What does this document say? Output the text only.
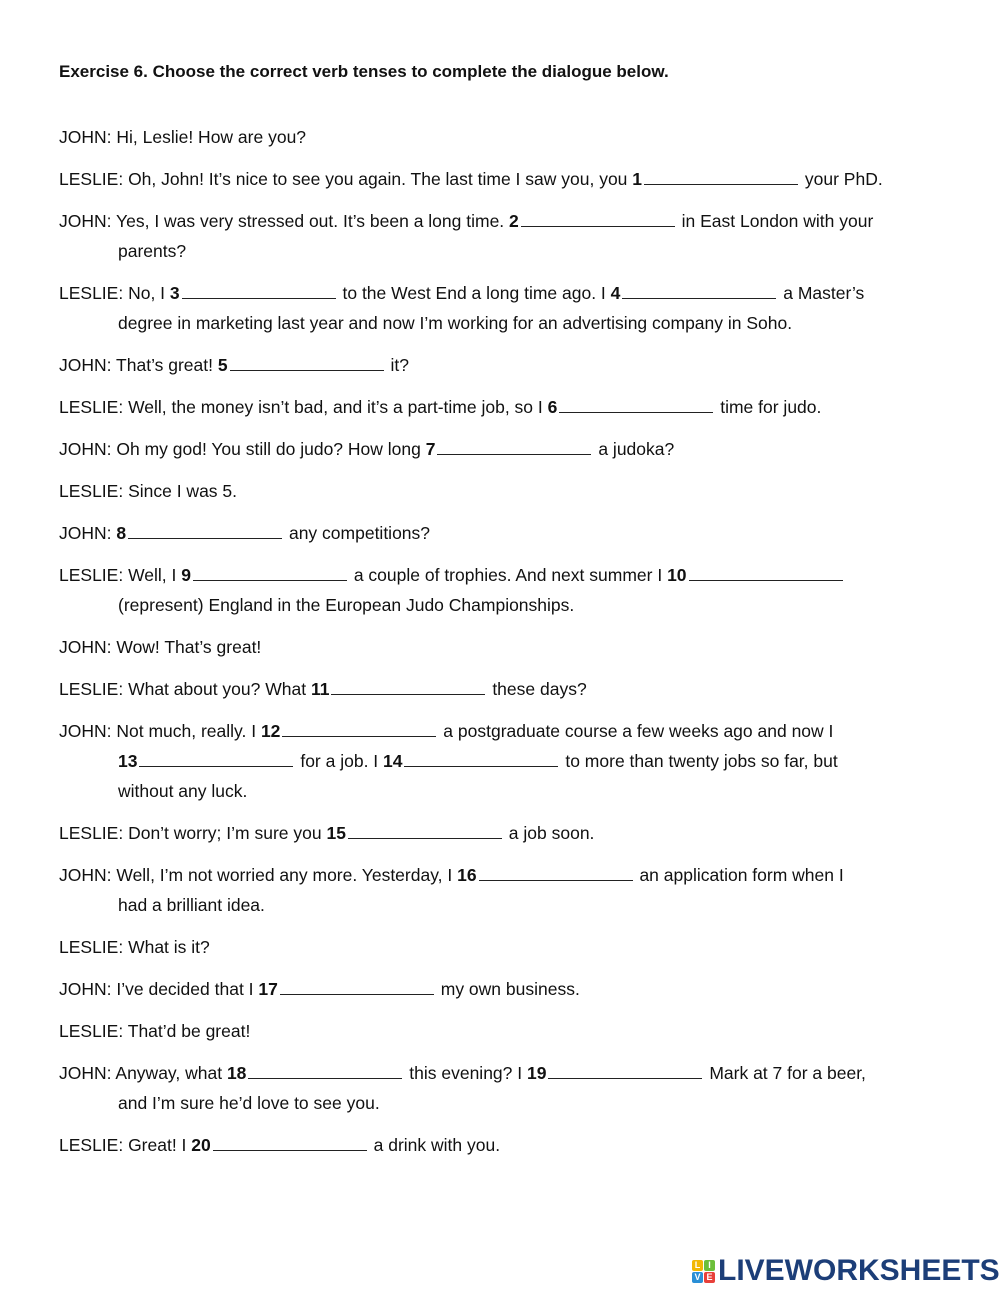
Exercise 6. Choose the correct verb tenses to complete the dialogue below.
JOHN: Hi, Leslie! How are you?
LESLIE: Oh, John! It’s nice to see you again. The last time I saw you, you 1	your PhD.
JOHN: Yes, I was very stressed out. It’s been a long time. 2	in East London with your
parents?
LESLIE: No, I 3	to the West End a long time ago. I 4	a Master’s
degree in marketing last year and now I’m working for an advertising company in Soho.
JOHN: That’s great! 5	it?
LESLIE: Well, the money isn’t bad, and it’s a part-time job, so I 6	time for judo.
JOHN: Oh my god! You still do judo? How long 7	a judoka?
LESLIE: Since I was 5.
JOHN: 8	any competitions?
LESLIE: Well, I 9	a couple of trophies. And next summer I 10
(represent) England in the European Judo Championships.
JOHN: Wow! That’s great!
LESLIE: What about you? What 11	these days?
JOHN: Not much, really. I 12	a postgraduate course a few weeks ago and now I
13	for a job. I 14	to more than twenty jobs so far, but
without any luck.
LESLIE: Don’t worry; I’m sure you 15	a job soon.
JOHN: Well, I’m not worried any more. Yesterday, I 16	an application form when I
had a brilliant idea.
LESLIE: What is it?
JOHN: I’ve decided that I 17	my own business.
LESLIE: That’d be great!
JOHN: Anyway, what 18	this evening? I 19	Mark at 7 for a beer,
and I’m sure he’d love to see you.
LESLIE: Great! I 20	a drink with you.
L I
V E LIVEWORKSHEETS
